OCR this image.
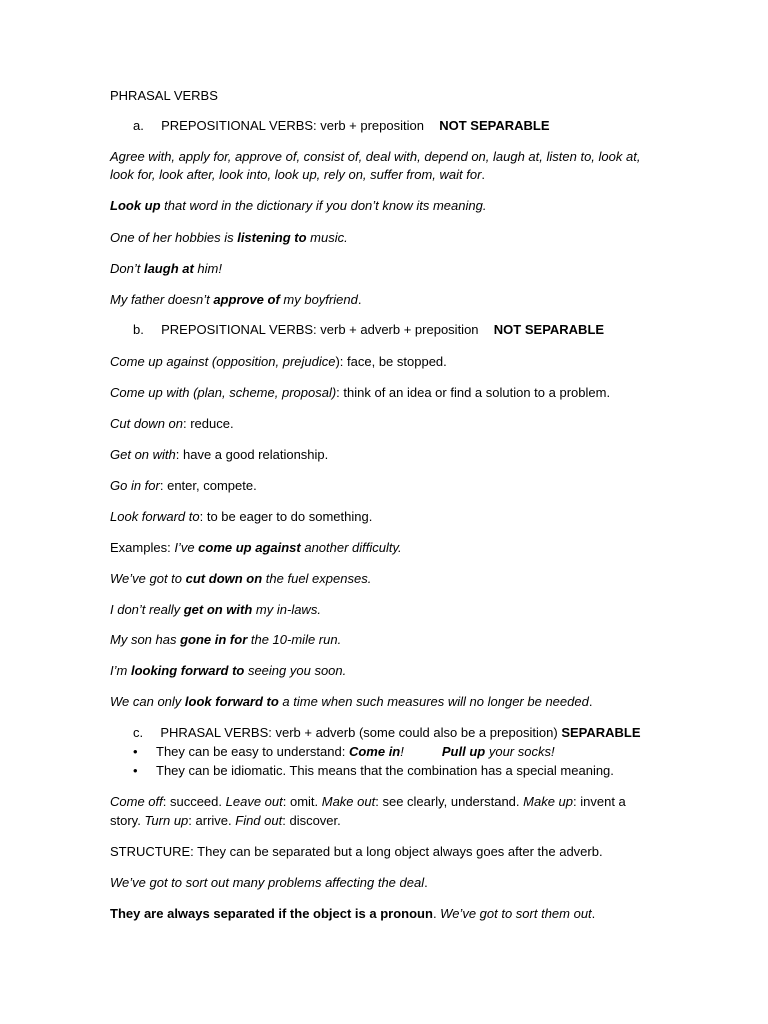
PHRASAL VERBS
a. PREPOSITIONAL VERBS: verb + preposition NOT SEPARABLE
Agree with, apply for, approve of, consist of, deal with, depend on, laugh at, listen to, look at,
look for, look after, look into, look up, rely on, suffer from, wait for.
Look up that word in the dictionary if you don’t know its meaning.
One of her hobbies is listening to music.
Don’t laugh at him!
My father doesn’t approve of my boyfriend.
b. PREPOSITIONAL VERBS: verb + adverb + preposition NOT SEPARABLE
Come up against (opposition, prejudice): face, be stopped.
Come up with (plan, scheme, proposal): think of an idea or find a solution to a problem.
Cut down on: reduce.
Get on with: have a good relationship.
Go in for: enter, compete.
Look forward to: to be eager to do something.
Examples: I’ve come up against another difficulty.
We’ve got to cut down on the fuel expenses.
I don’t really get on with my in-laws.
My son has gone in for the 10-mile run.
I’m looking forward to seeing you soon.
We can only look forward to a time when such measures will no longer be needed.
c. PHRASAL VERBS: verb + adverb (some could also be a preposition) SEPARABLE
• They can be easy to understand: Come in!	Pull up your socks!
• They can be idiomatic. This means that the combination has a special meaning.
Come off: succeed. Leave out: omit. Make out: see clearly, understand. Make up: invent a
story. Turn up: arrive. Find out: discover.
STRUCTURE: They can be separated but a long object always goes after the adverb.
We’ve got to sort out many problems affecting the deal.
They are always separated if the object is a pronoun. We’ve got to sort them out.
